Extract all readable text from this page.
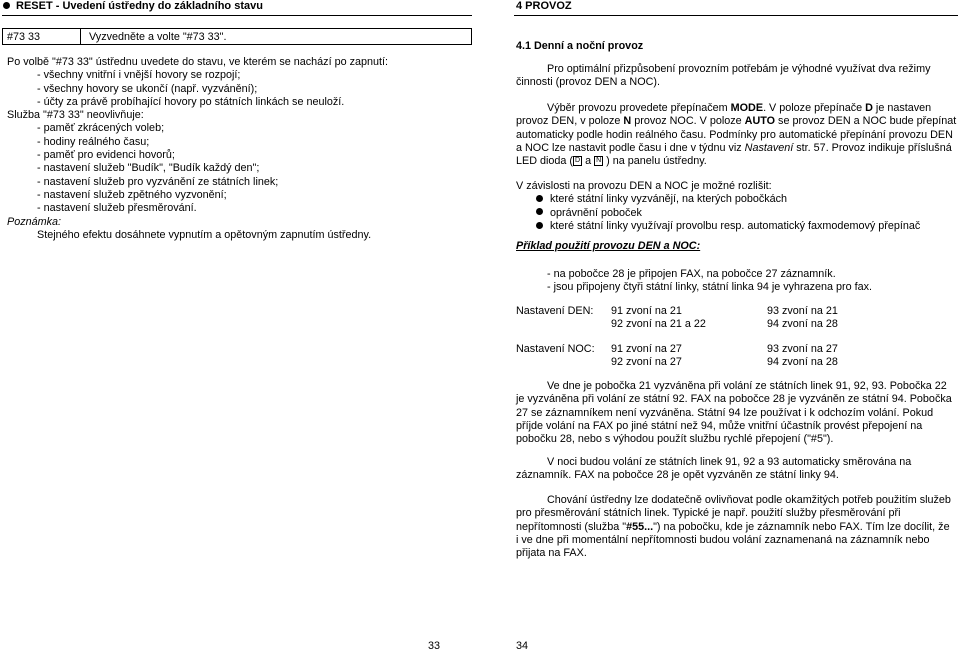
RESET - Uvedení ústředny do základního stavu
#73 33	Vyzvedněte a volte "#73 33".
Po volbě "#73 33" ústřednu uvedete do stavu, ve kterém se nachází po zapnutí:
- všechny vnitřní i vnější hovory se rozpojí;
- všechny hovory se ukončí (např. vyzvánění);
- účty za právě probíhající hovory po státních linkách se neuloží.
Služba "#73 33" neovlivňuje:
- paměť zkrácených voleb;
- hodiny reálného času;
- paměť pro evidenci hovorů;
- nastavení služeb "Budík", "Budík každý den";
- nastavení služeb pro vyzvánění ze státních linek;
- nastavení služeb zpětného vyzvonění;
- nastavení služeb přesměrování.
Poznámka:
Stejného efektu dosáhnete vypnutím a opětovným zapnutím ústředny.
33
4 PROVOZ
4.1 Denní a noční provoz
Pro optimální přizpůsobení provozním potřebám je výhodné využívat dva režimy
činnosti (provoz DEN a NOC).
Výběr provozu provedete přepínačem MODE. V poloze přepínače D je nastaven
provoz DEN, v poloze N provoz NOC. V poloze AUTO se provoz DEN a NOC bude přepínat
automaticky podle hodin reálného času. Podmínky pro automatické přepínání provozu DEN
a NOC lze nastavit podle času i dne v týdnu viz Nastavení str. 57. Provoz indikuje příslušná
LED dioda ( D a N ) na panelu ústředny.
V závislosti na provozu DEN a NOC je možné rozlišit:
které státní linky vyzvánějí, na kterých pobočkách
oprávnění poboček
které státní linky využívají provolbu resp. automatický faxmodemový přepínač
Příklad použití provozu DEN a NOC:
- na pobočce 28 je připojen FAX, na pobočce 27 záznamník.
- jsou připojeny čtyři státní linky, státní linka 94 je vyhrazena pro fax.
Nastavení DEN: 91 zvoní na 21	93 zvoní na 21
92 zvoní na 21 a 22	94 zvoní na 28
Nastavení NOC: 91 zvoní na 27	93 zvoní na 27
92 zvoní na 27	94 zvoní na 28
Ve dne je pobočka 21 vyzváněna při volání ze státních linek 91, 92, 93. Pobočka 22
je vyzváněna při volání ze státní 92. FAX na pobočce 28 je vyzváněn ze státní 94. Pobočka
27 se záznamníkem není vyzváněna. Státní 94 lze používat i k odchozím volání. Pokud
příjde volání na FAX po jiné státní než 94, může vnitřní účastník provést přepojení na
pobočku 28, nebo s výhodou použít službu rychlé přepojení ("#5").
V noci budou volání ze státních linek 91, 92 a 93 automaticky směrována na
záznamník. FAX na pobočce 28 je opět vyzváněn ze státní linky 94.
Chování ústředny lze dodatečně ovlivňovat podle okamžitých potřeb použitím služeb
pro přesměrování státních linek. Typické je např. použití služby přesměrování při
nepřítomnosti (služba "#55...") na pobočku, kde je záznamník nebo FAX. Tím lze docílit, že
i ve dne při momentální nepřítomnosti budou volání zaznamenaná na záznamník nebo
přijata na FAX.
34
